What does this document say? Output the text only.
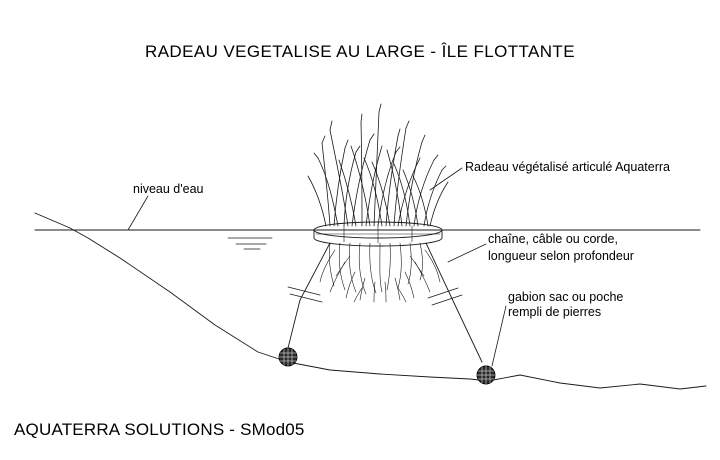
RADEAU VEGETALISE AU LARGE - ÎLE FLOTTANTE
niveau d'eau
Radeau végétalisé articulé Aquaterra
chaîne, câble ou corde,
longueur selon profondeur
gabion sac ou poche
rempli de pierres
AQUATERRA SOLUTIONS - SMod05
